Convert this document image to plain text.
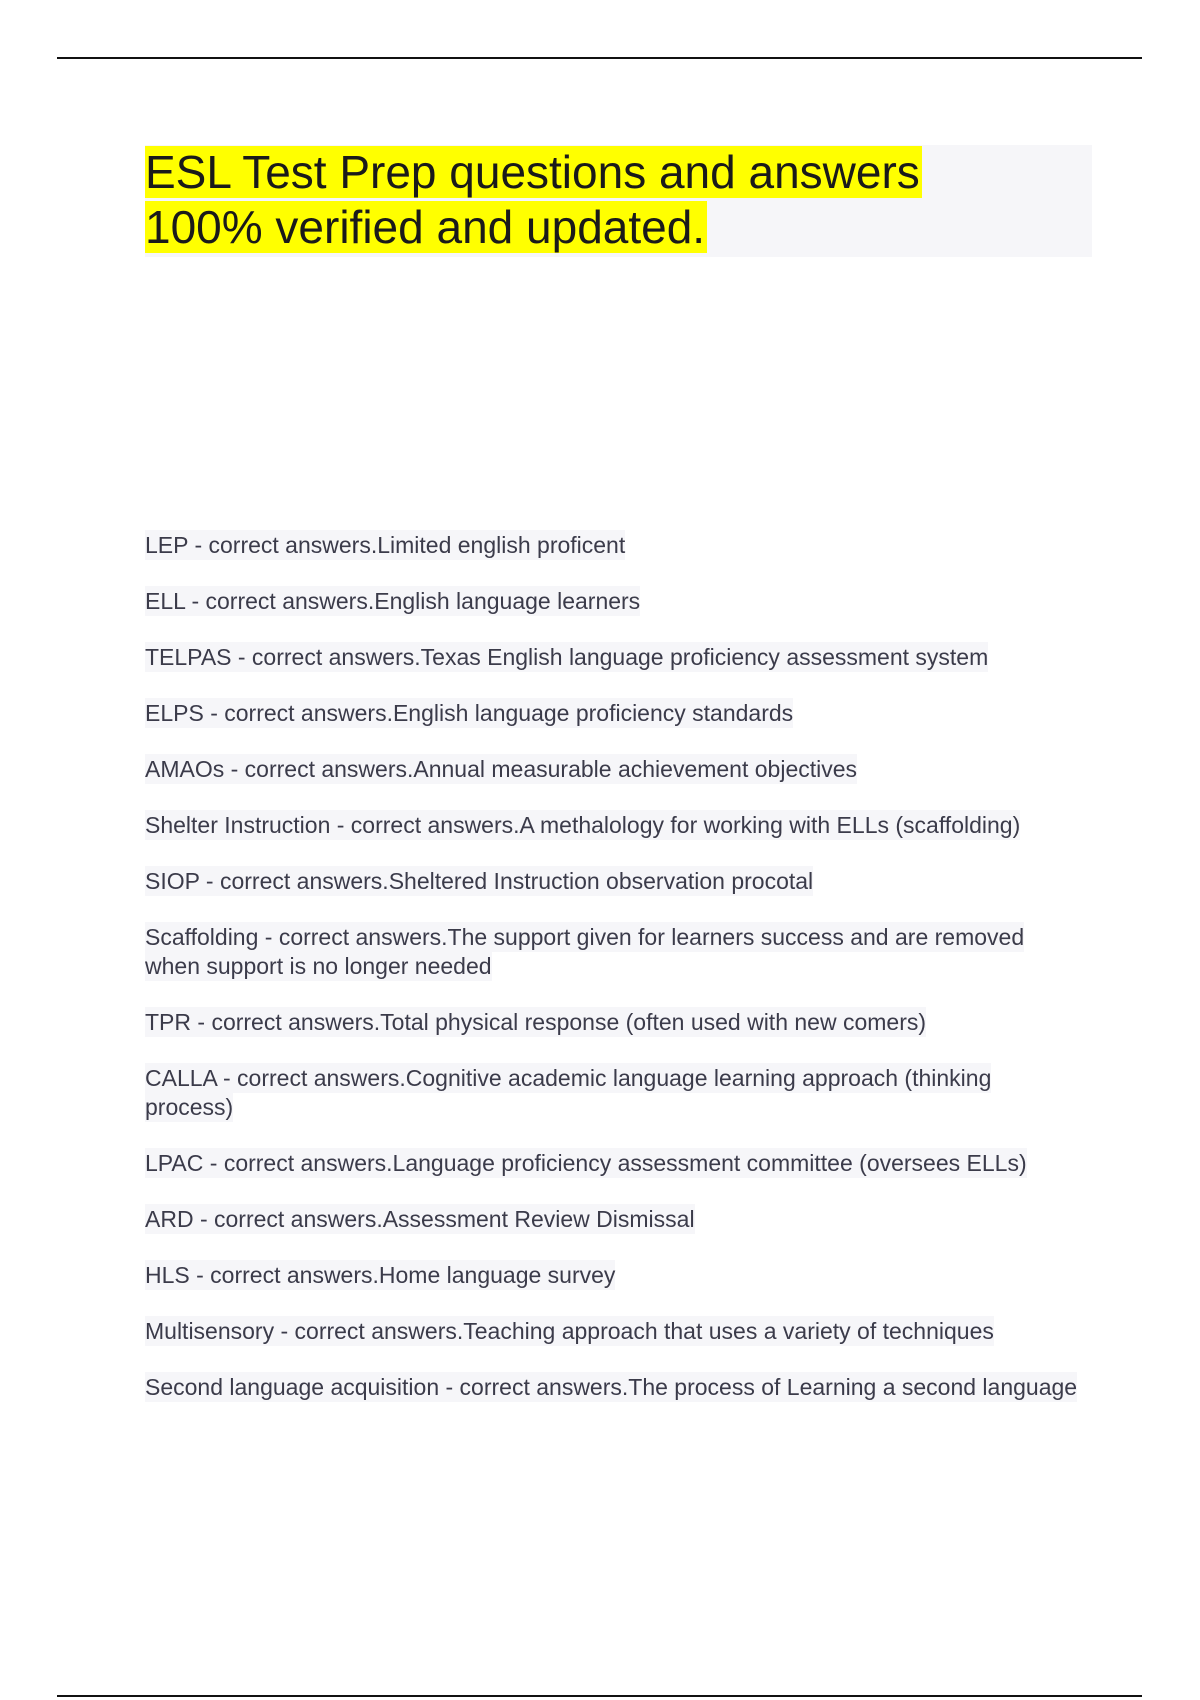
ESL Test Prep questions and answers
100% verified and updated.
LEP - correct answers.Limited english proficent
ELL - correct answers.English language learners
TELPAS - correct answers.Texas English language proficiency assessment system
ELPS - correct answers.English language proficiency standards
AMAOs - correct answers.Annual measurable achievement objectives
Shelter Instruction - correct answers.A methalology for working with ELLs (scaffolding)
SIOP - correct answers.Sheltered Instruction observation procotal
Scaffolding - correct answers.The support given for learners success and are removed when support is no longer needed
TPR - correct answers.Total physical response (often used with new comers)
CALLA - correct answers.Cognitive academic language learning approach (thinking process)
LPAC - correct answers.Language proficiency assessment committee (oversees ELLs)
ARD - correct answers.Assessment Review Dismissal
HLS - correct answers.Home language survey
Multisensory - correct answers.Teaching approach that uses a variety of techniques
Second language acquisition - correct answers.The process of Learning a second language
